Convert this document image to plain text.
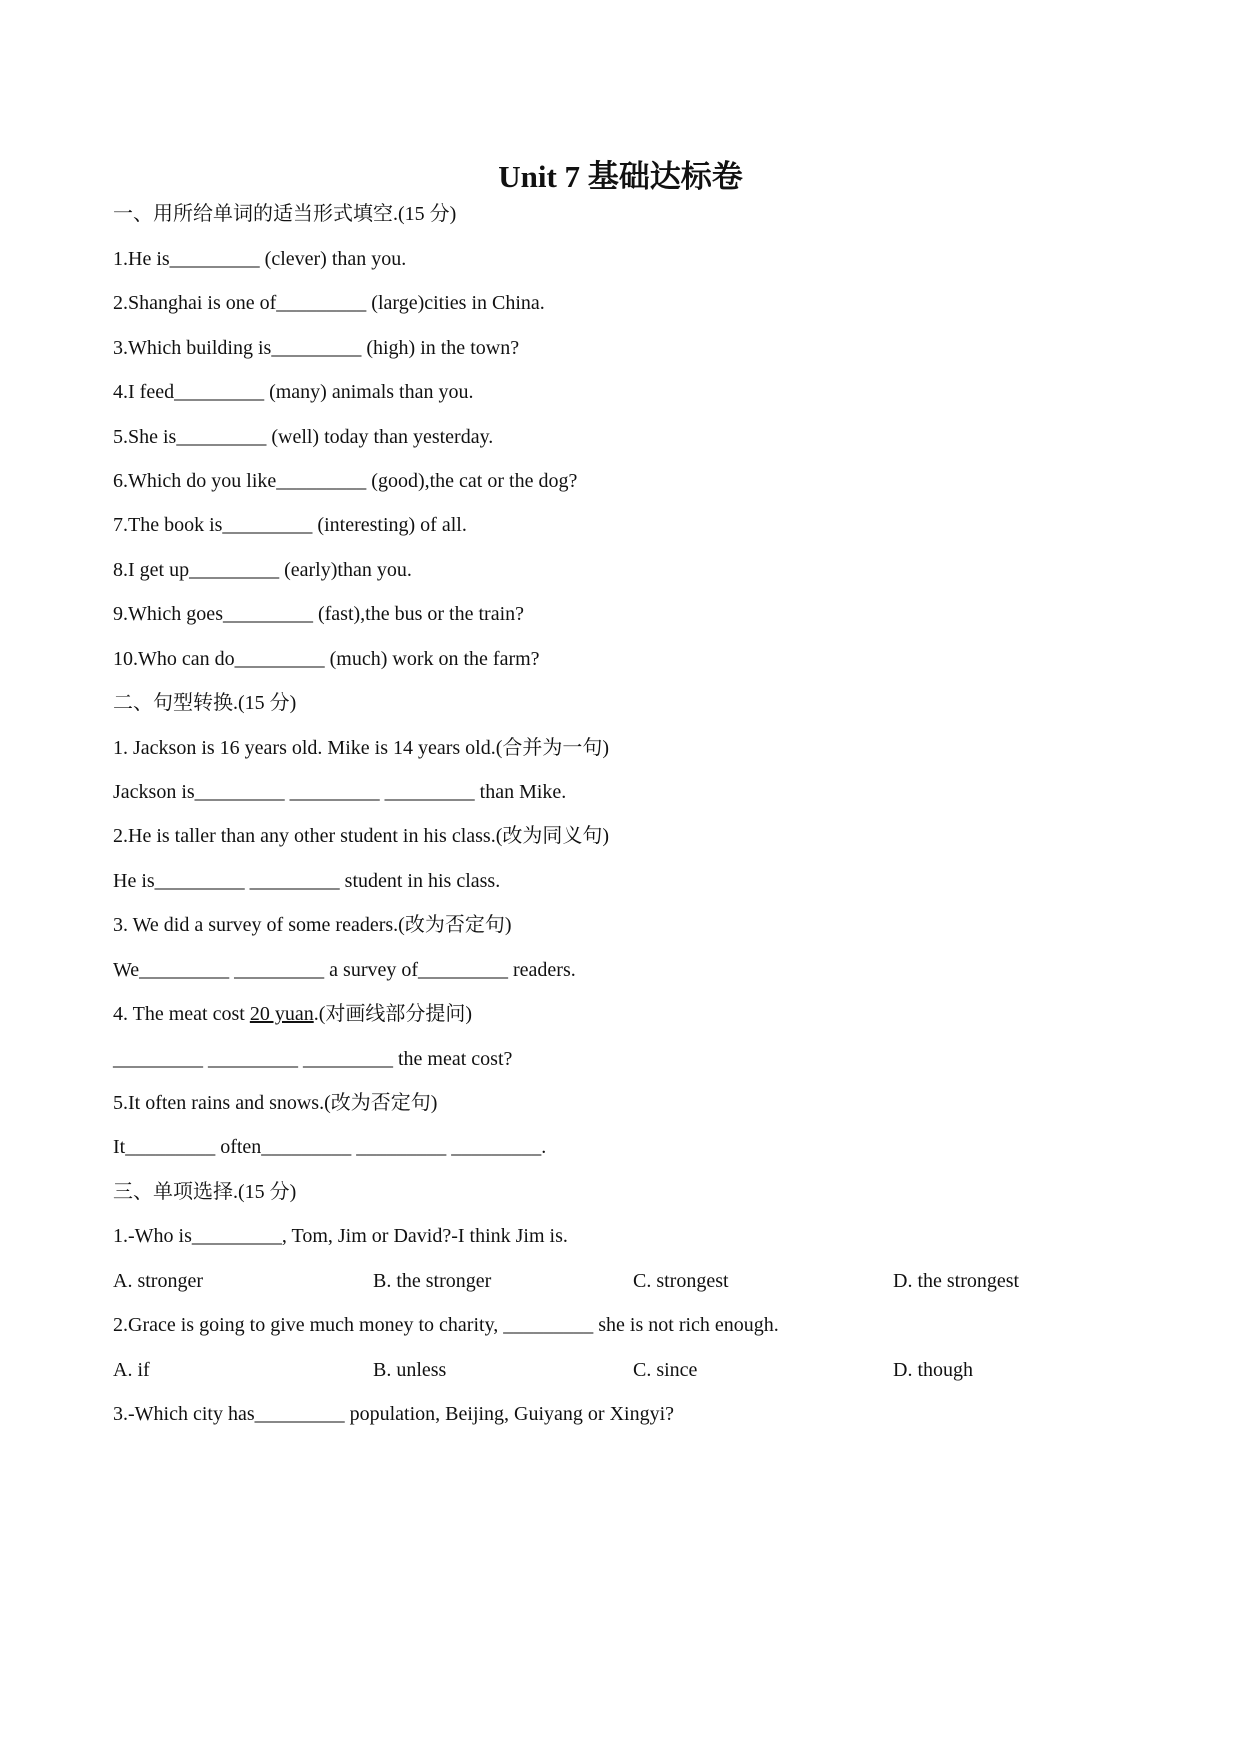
Unit 7 基础达标卷
一、用所给单词的适当形式填空.(15 分)
1.He is_________ (clever) than you.
2.Shanghai is one of_________ (large)cities in China.
3.Which building is_________ (high) in the town?
4.I feed_________ (many) animals than you.
5.She is_________ (well) today than yesterday.
6.Which do you like_________ (good),the cat or the dog?
7.The book is_________ (interesting) of all.
8.I get up_________ (early)than you.
9.Which goes_________ (fast),the bus or the train?
10.Who can do_________ (much) work on the farm?
二、句型转换.(15 分)
1. Jackson is 16 years old. Mike is 14 years old.(合并为一句)
Jackson is_________ _________ _________ than Mike.
2.He is taller than any other student in his class.(改为同义句)
He is_________ _________ student in his class.
3. We did a survey of some readers.(改为否定句)
We_________ _________ a survey of_________ readers.
4. The meat cost 20 yuan.(对画线部分提问)
_________ _________ _________ the meat cost?
5.It often rains and snows.(改为否定句)
It_________ often_________ _________ _________.
三、单项选择.(15 分)
1.-Who is_________, Tom, Jim or David?-I think Jim is.
A. stronger	B. the stronger	C. strongest	D. the strongest
2.Grace is going to give much money to charity, _________ she is not rich enough.
A. if	B. unless	C. since	D. though
3.-Which city has_________ population, Beijing, Guiyang or Xingyi?
